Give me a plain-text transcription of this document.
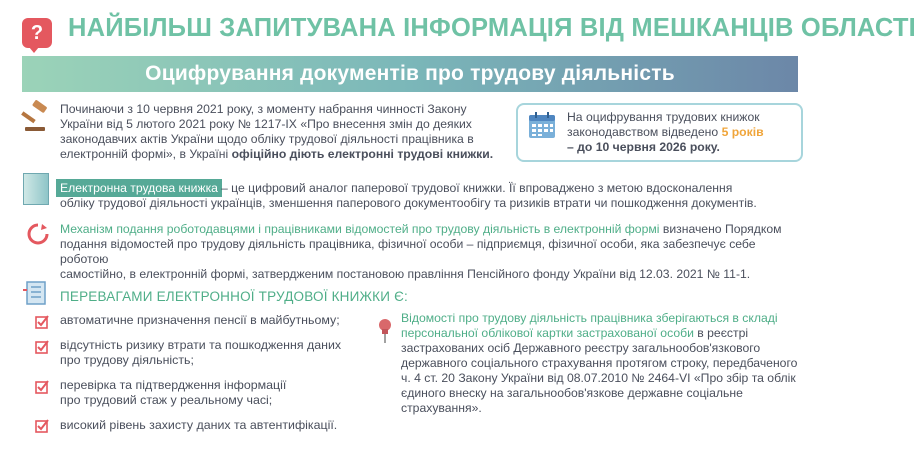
? НАЙБІЛЬШ ЗАПИТУВАНА ІНФОРМАЦІЯ ВІД МЕШКАНЦІВ ОБЛАСТІ
Оцифрування документів про трудову діяльність
Починаючи з 10 червня 2021 року, з моменту набрання чинності Закону
України від 5 лютого 2021 року № 1217-ІХ «Про внесення змін до деяких
законодавчих актів України щодо обліку трудової діяльності працівника в
електронній формі», в Україні офіційно діють електронні трудові книжки.
На оцифрування трудових книжок
законодавством відведено 5 років
– до 10 червня 2026 року.
Електронна трудова книжка – це цифровий аналог паперової трудової книжки. Її впроваджено з метою вдосконалення
обліку трудової діяльності українців, зменшення паперового документообігу та ризиків втрати чи пошкодження документів.
Механізм подання роботодавцями і працівниками відомостей про трудову діяльність в електронній формі визначено Порядком
подання відомостей про трудову діяльність працівника, фізичної особи – підприємця, фізичної особи, яка забезпечує себе роботою
самостійно, в електронній формі, затвердженим постановою правління Пенсійного фонду України від 12.03. 2021 № 11-1.
ПЕРЕВАГАМИ ЕЛЕКТРОННОЇ ТРУДОВОЇ КНИЖКИ Є:
автоматичне призначення пенсії в майбутньому;
відсутність ризику втрати та пошкодження даних
про трудову діяльність;
перевірка та підтвердження інформації
про трудовий стаж у реальному часі;
високий рівень захисту даних та автентифікації.
Відомості про трудову діяльність працівника зберігаються в складі
персональної облікової картки застрахованої особи в реєстрі
застрахованих осіб Державного реєстру загальнообов'язкового
державного соціального страхування протягом строку, передбаченого
ч. 4 ст. 20 Закону України від 08.07.2010 № 2464-VI «Про збір та облік
єдиного внеску на загальнообов'язкове державне соціальне
страхування».
